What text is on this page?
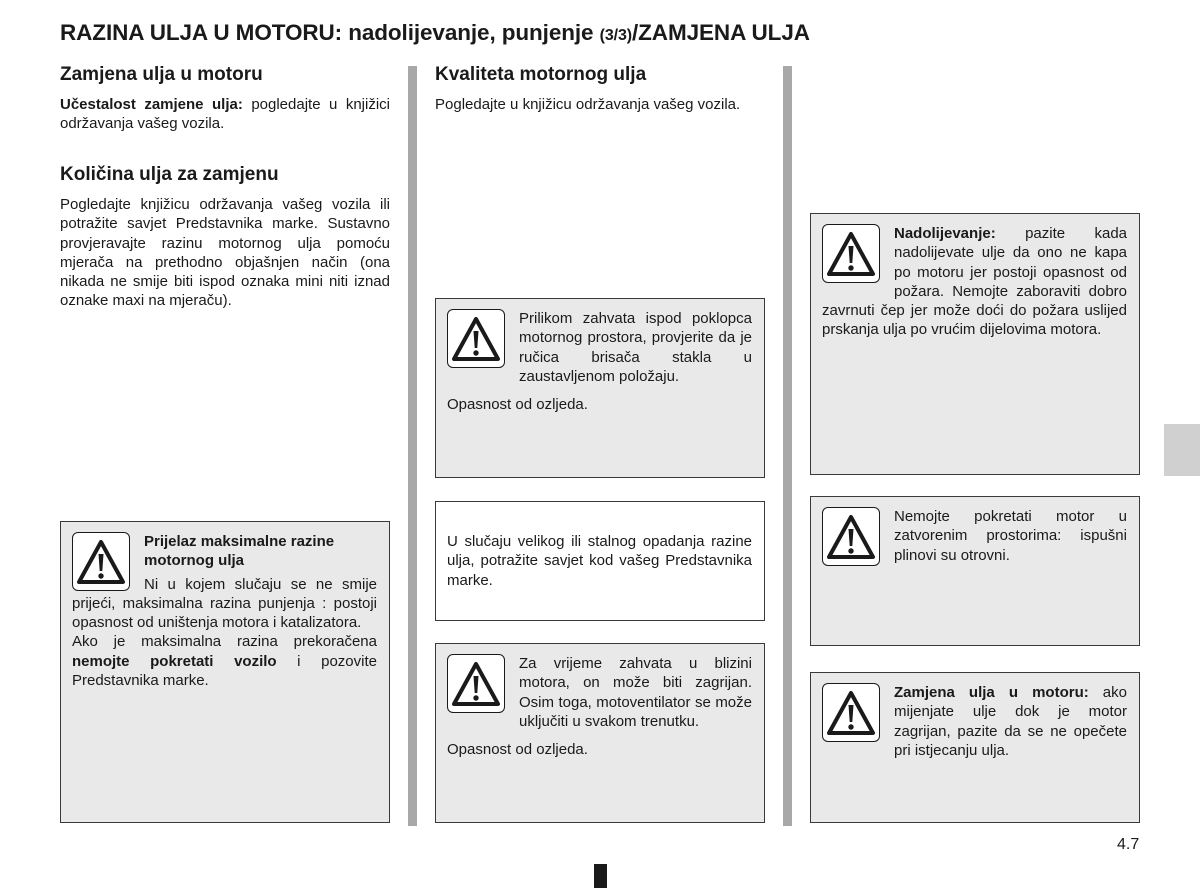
RAZINA ULJA U MOTORU: nadolijevanje, punjenje (3/3)/ZAMJENA ULJA
Zamjena ulja u motoru
Učestalost zamjene ulja: pogledajte u knjižici održavanja vašeg vozila.
Količina ulja za zamjenu
Pogledajte knjižicu održavanja vašeg vozila ili potražite savjet Predstavnika marke. Sustavno provjeravajte razinu motornog ulja pomoću mjerača na prethodno objašnjen način (ona nikada ne smije biti ispod oznaka mini niti iznad oznake maxi na mjeraču).

Prijelaz maksimalne razine motornog ulja

Ni u kojem slučaju se ne smije prijeći, maksimalna razina punjenja : postoji opasnost od uništenja motora i katalizatora.

Ako je maksimalna razina prekoračena nemojte pokretati vozilo i pozovite Predstavnika marke.

Kvaliteta motornog ulja
Pogledajte u knjižicu održavanja vašeg vozila.

Prilikom zahvata ispod poklopca motornog prostora, provjerite da je ručica brisača stakla u zaustavljenom položaju.

Opasnost od ozljeda.

U slučaju velikog ili stalnog opadanja razine ulja, potražite savjet kod vašeg Predstavnika marke.

Za vrijeme zahvata u blizini motora, on može biti zagrijan. Osim toga, motoventilator se može uključiti u svakom trenutku.

Opasnost od ozljeda.

Nadolijevanje: pazite kada nadolijevate ulje da ono ne kapa po motoru jer postoji opasnost od požara. Nemojte zaboraviti dobro zavrnuti čep jer može doći do požara uslijed prskanja ulja po vrućim dijelovima motora.

Nemojte pokretati motor u zatvorenim prostorima: ispušni plinovi su otrovni.

Zamjena ulja u motoru: ako mijenjate ulje dok je motor zagrijan, pazite da se ne opečete pri istjecanju ulja.

4.7
